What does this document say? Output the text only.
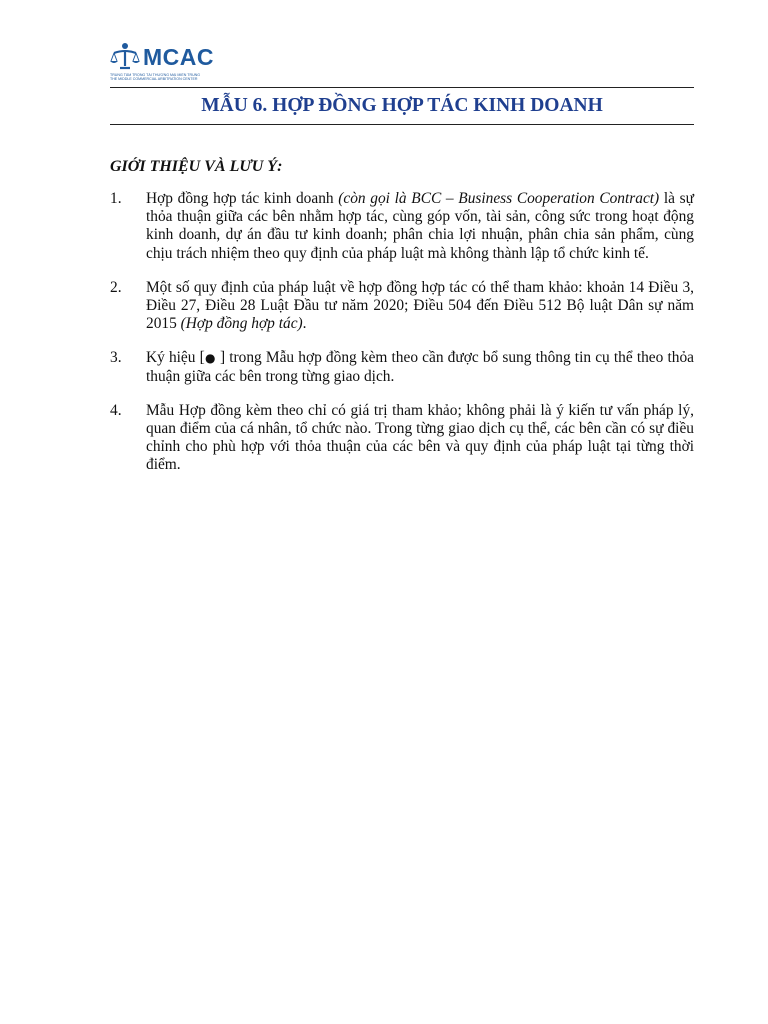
MCAC
TRUNG TÂM TRỌNG TÀI THƯƠNG MẠI MIỀN TRUNG
THE MIDDLE COMMERCIAL ARBITRATION CENTER
MẪU 6. HỢP ĐỒNG HỢP TÁC KINH DOANH
GIỚI THIỆU VÀ LƯU Ý:
1. Hợp đồng hợp tác kinh doanh (còn gọi là BCC – Business Cooperation Contract) là sự thỏa thuận giữa các bên nhằm hợp tác, cùng góp vốn, tài sản, công sức trong hoạt động kinh doanh, dự án đầu tư kinh doanh; phân chia lợi nhuận, phân chia sản phẩm, cùng chịu trách nhiệm theo quy định của pháp luật mà không thành lập tổ chức kinh tế.
2. Một số quy định của pháp luật về hợp đồng hợp tác có thể tham khảo: khoản 14 Điều 3, Điều 27, Điều 28 Luật Đầu tư năm 2020; Điều 504 đến Điều 512 Bộ luật Dân sự năm 2015 (Hợp đồng hợp tác).
3. Ký hiệu [● ] trong Mẫu hợp đồng kèm theo cần được bổ sung thông tin cụ thể theo thỏa thuận giữa các bên trong từng giao dịch.
4. Mẫu Hợp đồng kèm theo chỉ có giá trị tham khảo; không phải là ý kiến tư vấn pháp lý, quan điểm của cá nhân, tổ chức nào. Trong từng giao dịch cụ thể, các bên cần có sự điều chỉnh cho phù hợp với thỏa thuận của các bên và quy định của pháp luật tại từng thời điểm.
